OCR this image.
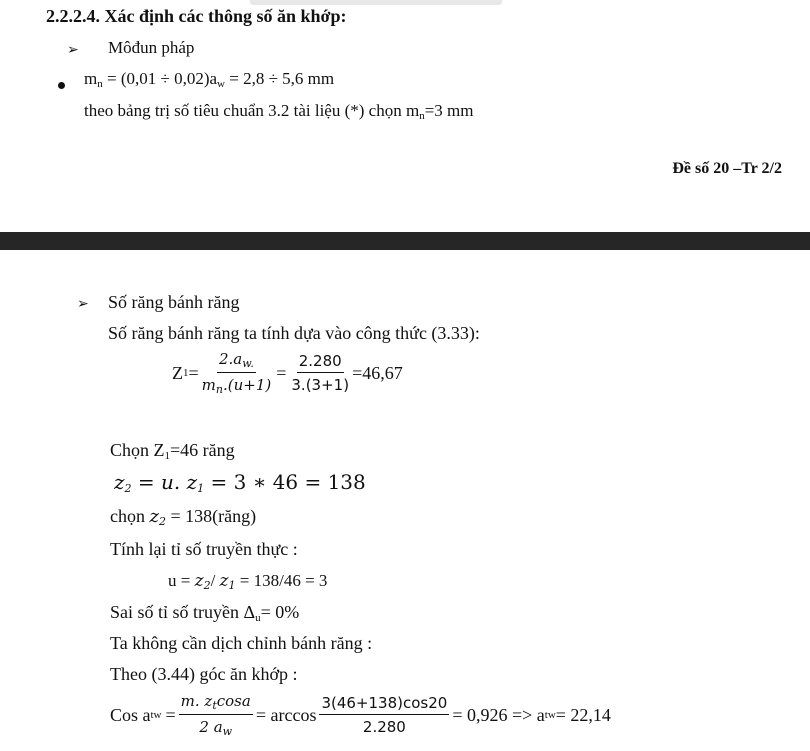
2.2.2.4. Xác định các thông số ăn khớp:
➢ Môđun pháp
$m_n = (0,01 \div 0,02)a_w = 2,8 \div 5,6$ mm
theo bảng trị số tiêu chuẩn 3.2 tài liệu (*) chọn $m_n=3$ mm
Đề số 20 –Tr 2/2
➢ Số răng bánh răng
Số răng bánh răng ta tính dựa vào công thức (3.33):
Z $1 = \frac{2.a_{w.}}{m_n.(u+1)} = \frac{2.280}{3.(3+1)} =46,67$
Chọn $Z_1=46$ răng
$z_2 = u$. $z_1 = 3$ ∗ 46 = 138
chọn $z_2$ = 138(răng)
Tính lại tỉ số truyền thực :
$u = z_2/$ $z_1 = 138/46 = 3$
Sai số tỉ số truyền $\Delta_u= 0\%$
Ta không cần dịch chỉnh bánh răng :
Theo (3.44) góc ăn khớp :
Cos a tw = $\frac{m. z_t\cos a}{2 a_w} = \arccos \frac{3(46+138)\cos 20}{2.280} = 0,926 => a$ tw = 22,14
